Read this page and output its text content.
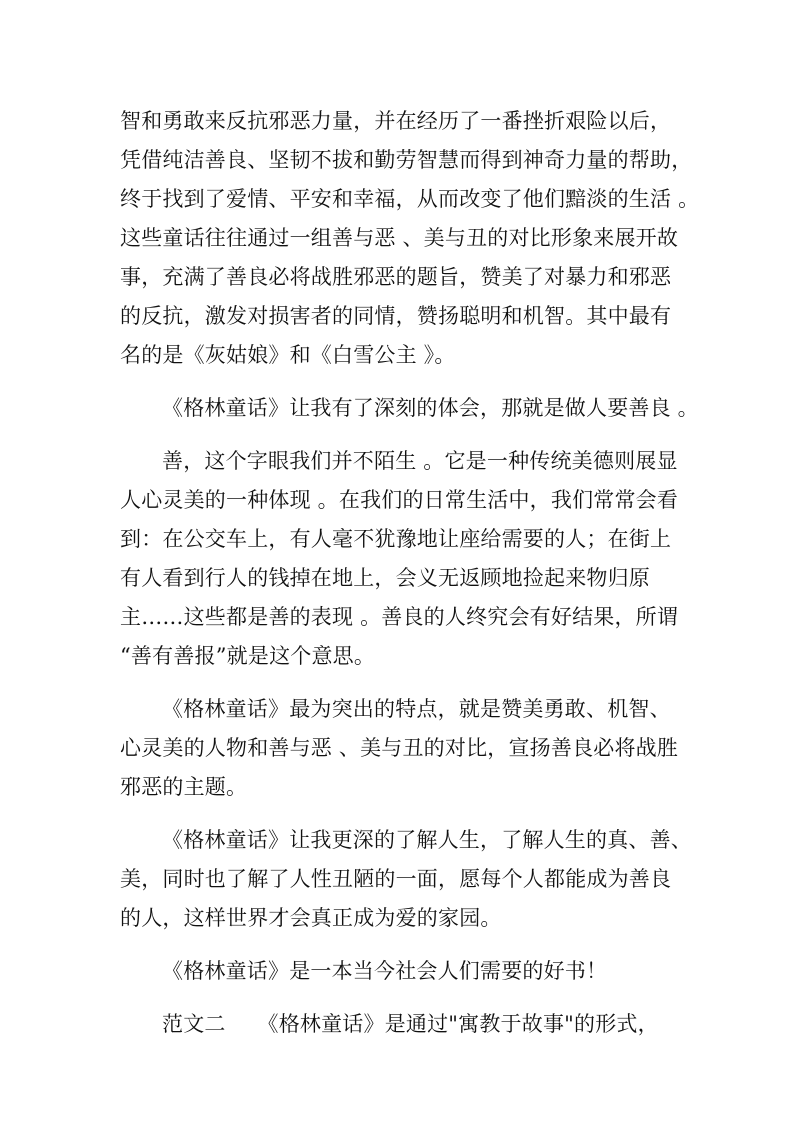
智和勇敢来反抗邪恶力量，并在经历了一番挫折艰险以后，
凭借纯洁善良、坚韧不拔和勤劳智慧而得到神奇力量的帮助，
终于找到了爱情、平安和幸福，从而改变了他们黯淡的生活 。
这些童话往往通过一组善与恶 、美与丑的对比形象来展开故
事，充满了善良必将战胜邪恶的题旨，赞美了对暴力和邪恶
的反抗，激发对损害者的同情，赞扬聪明和机智。其中最有
名的是《灰姑娘》和《白雪公主 》。
《格林童话》让我有了深刻的体会，那就是做人要善良 。
善，这个字眼我们并不陌生 。它是一种传统美德则展显
人心灵美的一种体现 。在我们的日常生活中，我们常常会看
到：在公交车上，有人毫不犹豫地让座给需要的人；在街上
有人看到行人的钱掉在地上，会义无返顾地捡起来物归原
主……这些都是善的表现 。善良的人终究会有好结果，所谓
“善有善报”就是这个意思。
《格林童话》最为突出的特点，就是赞美勇敢、机智、
心灵美的人物和善与恶 、美与丑的对比，宣扬善良必将战胜
邪恶的主题。
《格林童话》让我更深的了解人生，了解人生的真、善、
美，同时也了解了人性丑陋的一面，愿每个人都能成为善良
的人，这样世界才会真正成为爱的家园。
《格林童话》是一本当今社会人们需要的好书！
范文二　　《格林童话》是通过"寓教于故事"的形式，
